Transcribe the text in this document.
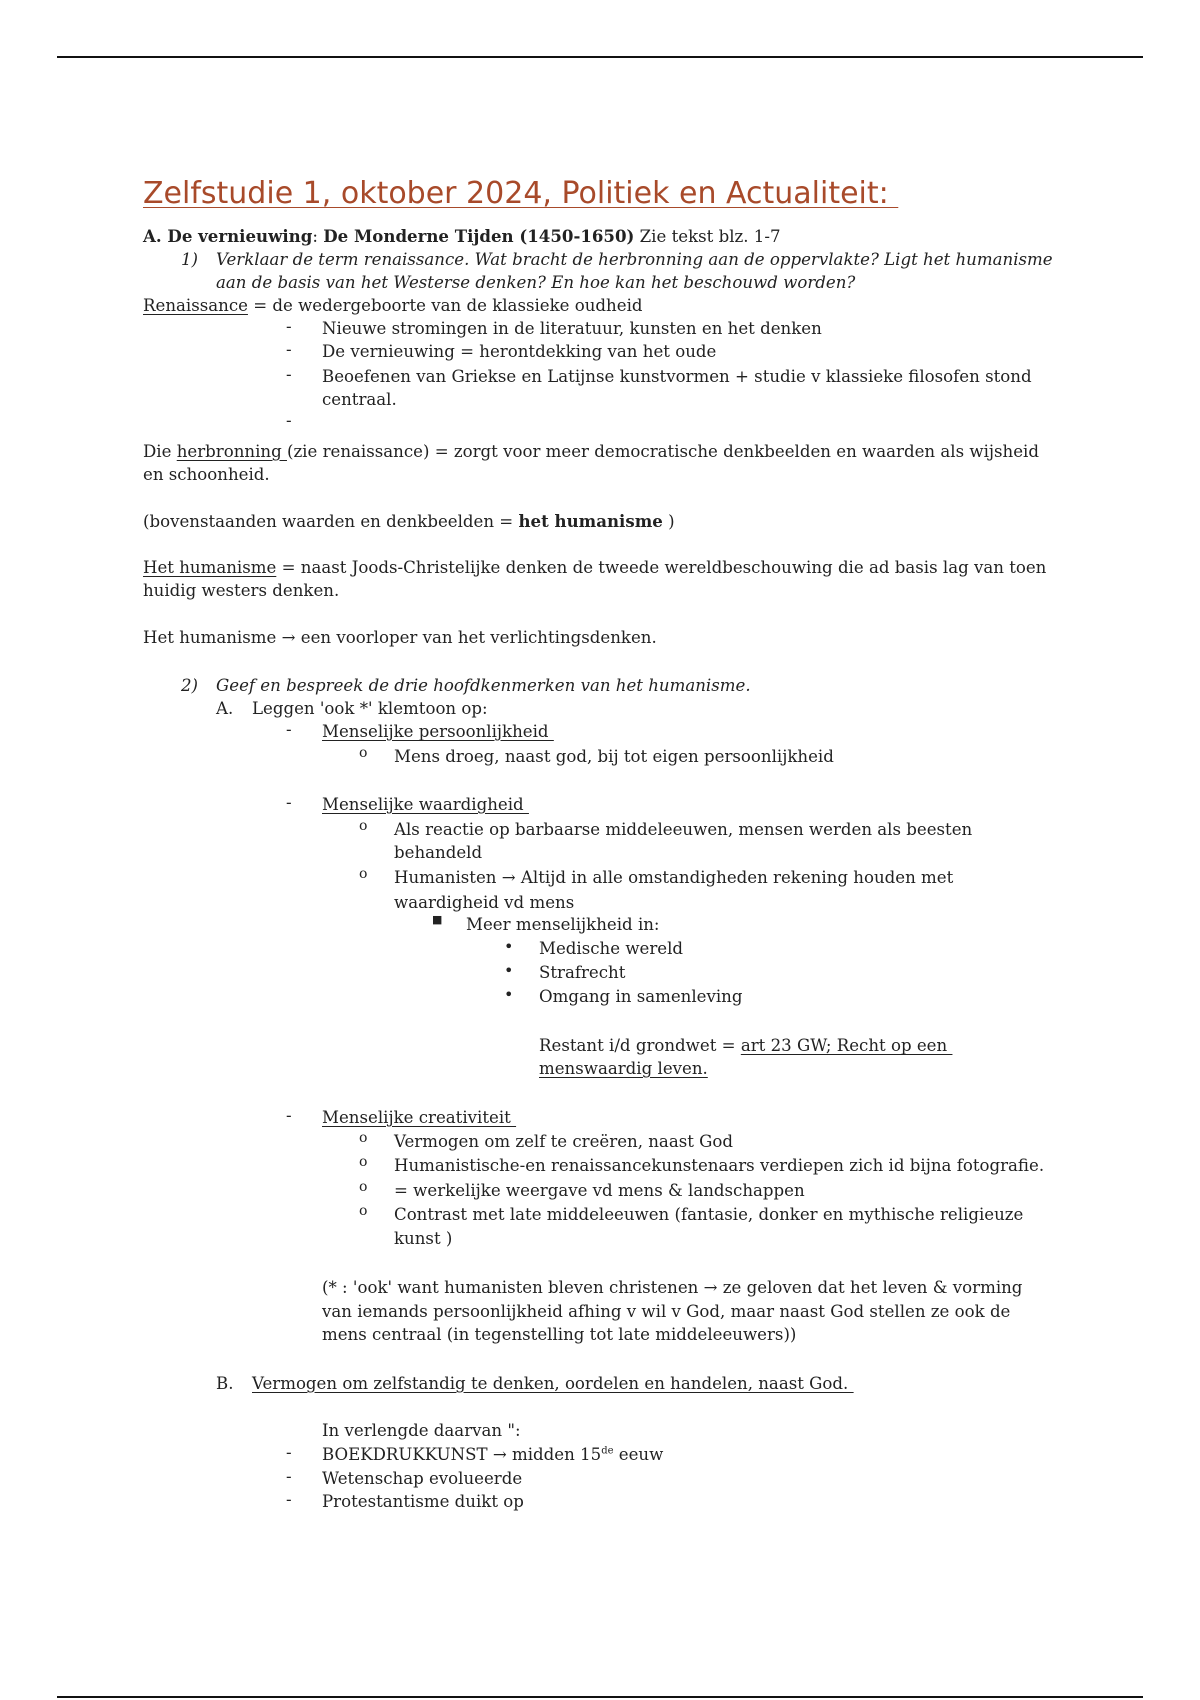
Zelfstudie 1, oktober 2024, Politiek en Actualiteit:
A. De vernieuwing: De Monderne Tijden (1450-1650) Zie tekst blz. 1-7
1) Verklaar de term renaissance. Wat bracht de herbronning aan de oppervlakte? Ligt het humanisme
aan de basis van het Westerse denken? En hoe kan het beschouwd worden?
Renaissance = de wedergeboorte van de klassieke oudheid
- Nieuwe stromingen in de literatuur, kunsten en het denken
- De vernieuwing = herontdekking van het oude
- Beoefenen van Griekse en Latijnse kunstvormen + studie v klassieke filosofen stond
centraal.
-
Die herbronning (zie renaissance) = zorgt voor meer democratische denkbeelden en waarden als wijsheid
en schoonheid.
(bovenstaanden waarden en denkbeelden = het humanisme )
Het humanisme = naast Joods-Christelijke denken de tweede wereldbeschouwing die ad basis lag van toen
huidig westers denken.
Het humanisme → een voorloper van het verlichtingsdenken.
2) Geef en bespreek de drie hoofdkenmerken van het humanisme.
A. Leggen 'ook *' klemtoon op:
- Menselijke persoonlijkheid
o Mens droeg, naast god, bij tot eigen persoonlijkheid
- Menselijke waardigheid
o Als reactie op barbaarse middeleeuwen, mensen werden als beesten
behandeld
o Humanisten → Altijd in alle omstandigheden rekening houden met
waardigheid vd mens
■ Meer menselijkheid in:
• Medische wereld
• Strafrecht
• Omgang in samenleving
Restant i/d grondwet = art 23 GW; Recht op een
menswaardig leven.
- Menselijke creativiteit
o Vermogen om zelf te creëren, naast God
o Humanistische-en renaissancekunstenaars verdiepen zich id bijna fotografie.
o = werkelijke weergave vd mens & landschappen
o Contrast met late middeleeuwen (fantasie, donker en mythische religieuze
kunst )
(* : 'ook' want humanisten bleven christenen → ze geloven dat het leven & vorming
van iemands persoonlijkheid afhing v wil v God, maar naast God stellen ze ook de
mens centraal (in tegenstelling tot late middeleeuwers))
B. Vermogen om zelfstandig te denken, oordelen en handelen, naast God.
In verlengde daarvan ":
- BOEKDRUKKUNST → midden 15de eeuw
- Wetenschap evolueerde
- Protestantisme duikt op
